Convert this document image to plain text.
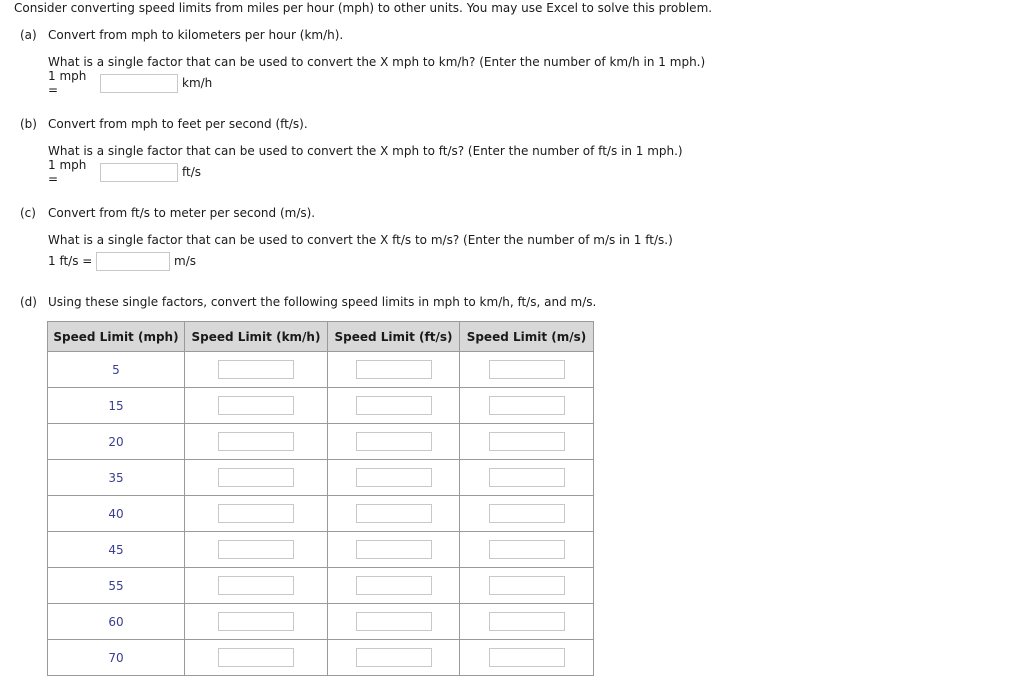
Consider converting speed limits from miles per hour (mph) to other units. You may use Excel to solve this problem.
(a) Convert from mph to kilometers per hour (km/h).
What is a single factor that can be used to convert the X mph to km/h? (Enter the number of km/h in 1 mph.)
1 mph =	km/h
(b) Convert from mph to feet per second (ft/s).
What is a single factor that can be used to convert the X mph to ft/s? (Enter the number of ft/s in 1 mph.)
1 mph =	ft/s
(c) Convert from ft/s to meter per second (m/s).
What is a single factor that can be used to convert the X ft/s to m/s? (Enter the number of m/s in 1 ft/s.)
1 ft/s =	m/s
(d) Using these single factors, convert the following speed limits in mph to km/h, ft/s, and m/s.
Speed Limit (mph)	Speed Limit (km/h)	Speed Limit (ft/s)	Speed Limit (m/s)
5			
15			
20			
35			
40			
45			
55			
60			
70			
